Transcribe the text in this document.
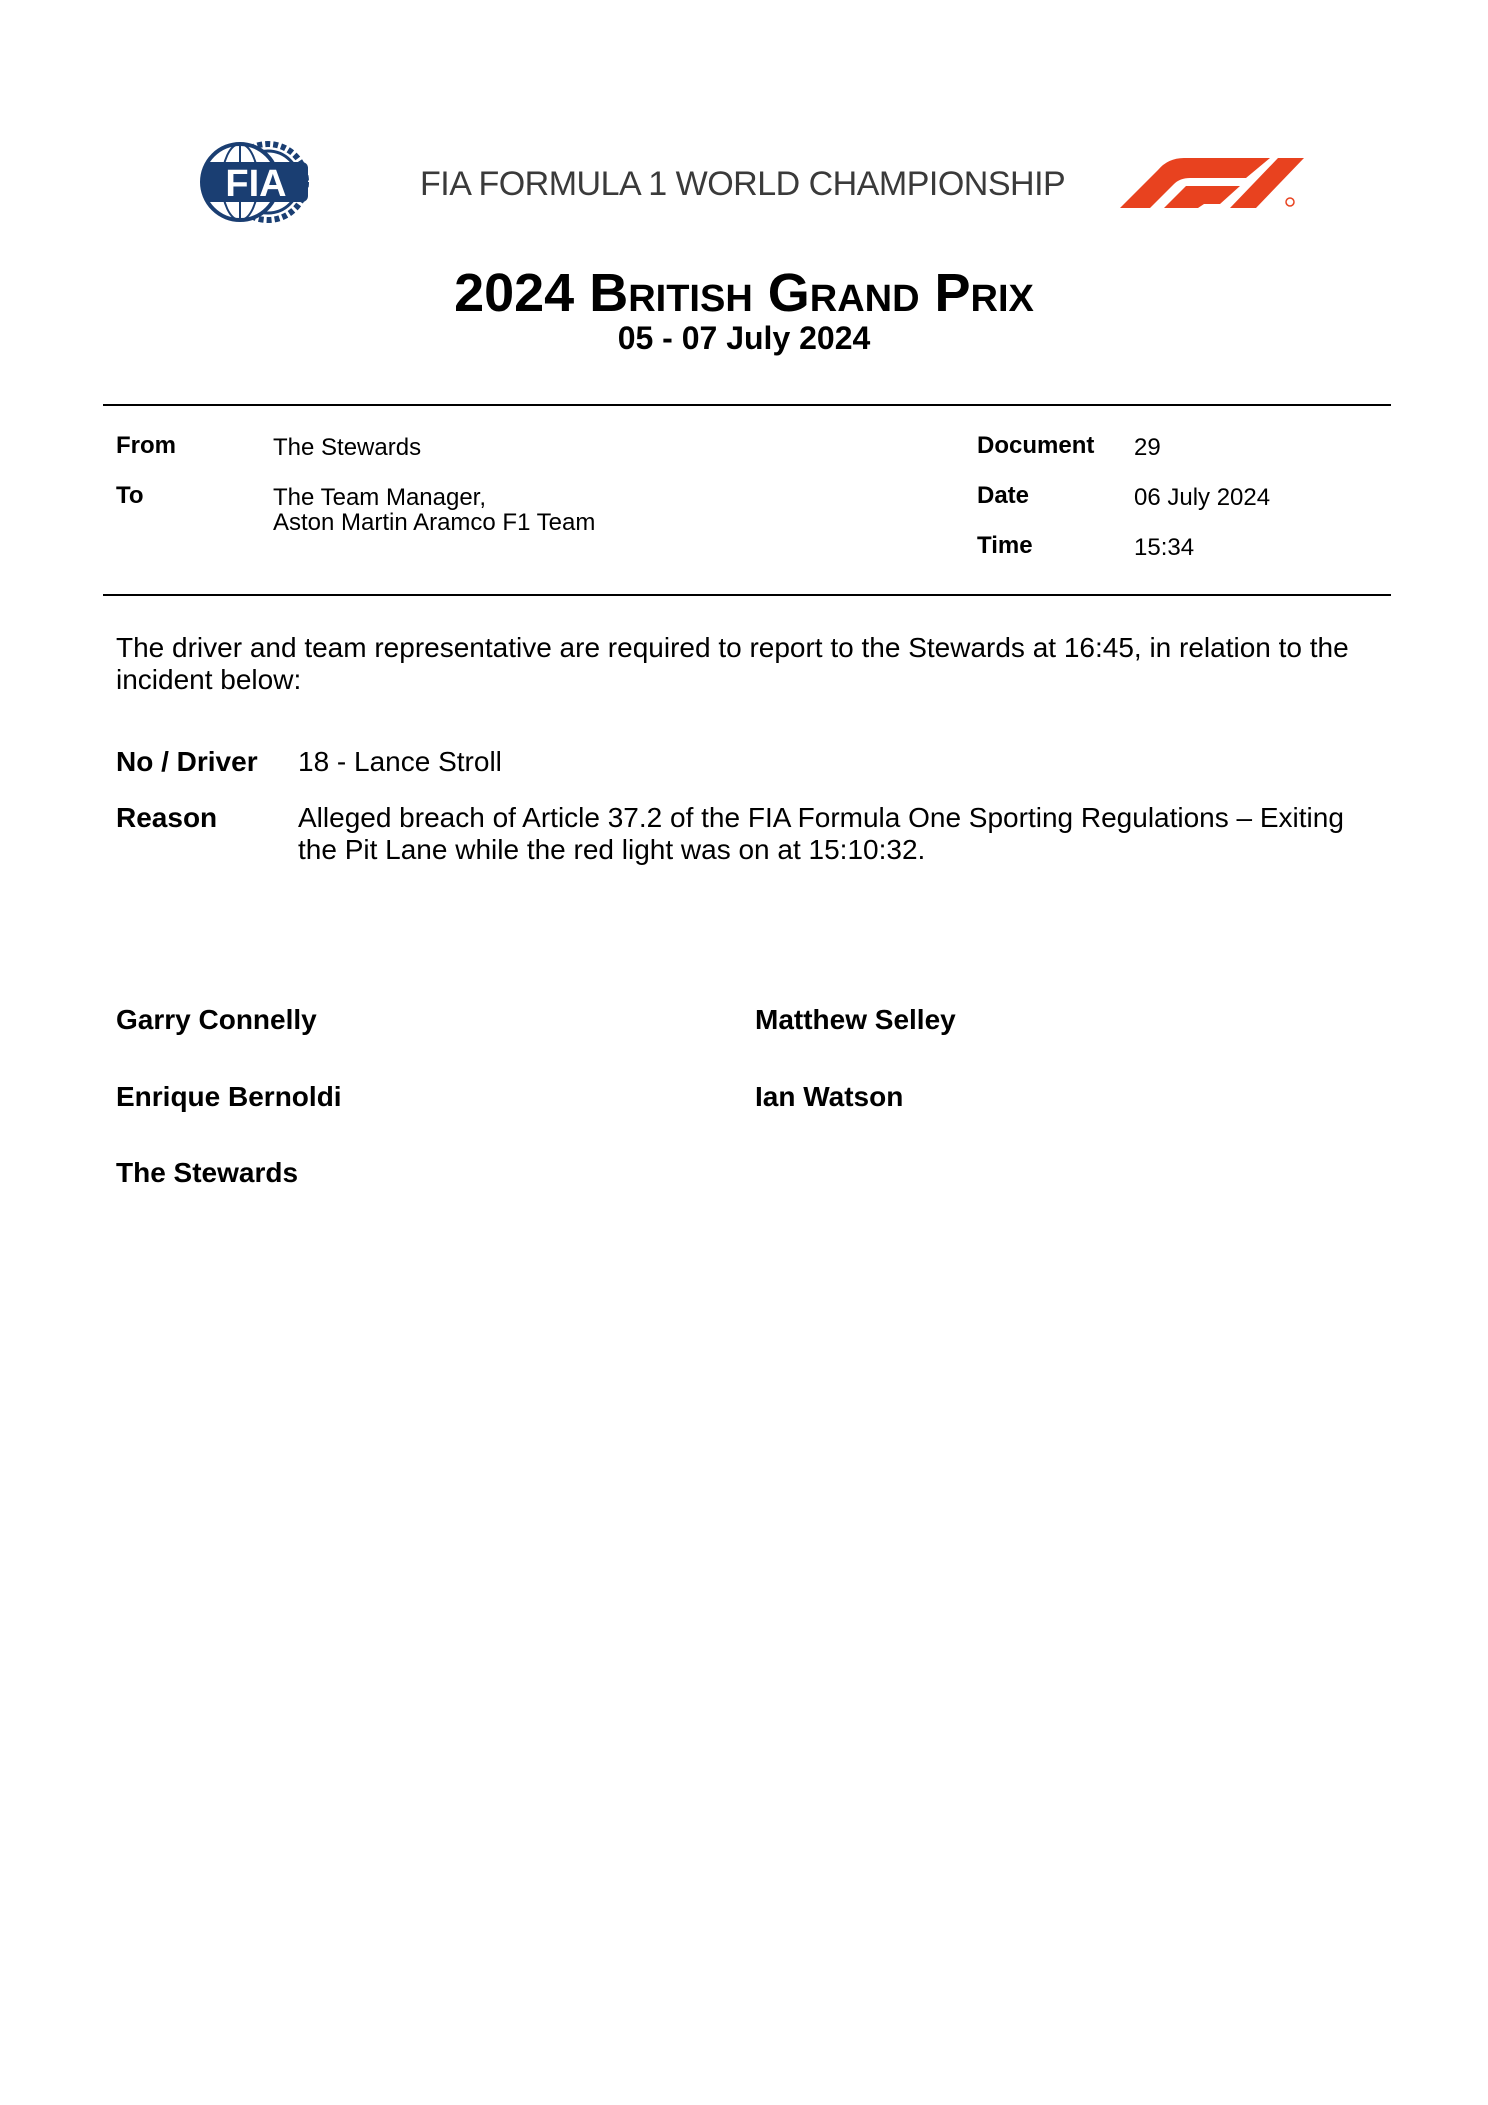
FIA	FIA FORMULA 1 WORLD CHAMPIONSHIP
2024 British Grand Prix
05 - 07 July 2024
From	The Stewards
To	The Team Manager,
Aston Martin Aramco F1 Team
Document 29
Date	06 July 2024
Time	15:34
The driver and team representative are required to report to the Stewards at 16:45, in relation to the incident below:
No / Driver 18 - Lance Stroll
Reason	Alleged breach of Article 37.2 of the FIA Formula One Sporting Regulations – Exiting the Pit Lane while the red light was on at 15:10:32.
Garry Connelly	Matthew Selley
Enrique Bernoldi	Ian Watson
The Stewards
